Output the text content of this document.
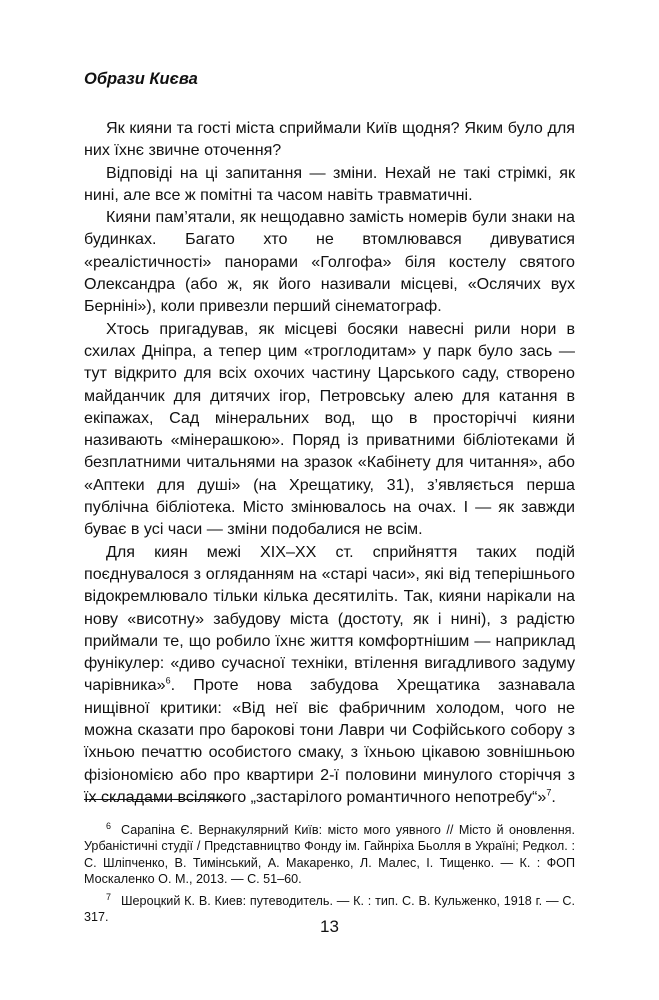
Образи Києва

Як кияни та гості міста сприймали Київ щодня? Яким було для них їхнє звичне оточення?

Відповіді на ці запитання — зміни. Нехай не такі стрімкі, як нині, але все ж помітні та часом навіть травматичні.

Кияни пам’ятали, як нещодавно замість номерів були знаки на будинках. Багато хто не втомлювався дивуватися «реалістичності» панорами «Голгофа» біля костелу святого Олександра (або ж, як його називали місцеві, «Ослячих вух Берніні»), коли привезли перший сінематограф.

Хтось пригадував, як місцеві босяки навесні рили нори в схилах Дніпра, а тепер цим «троглодитам» у парк було зась — тут відкрито для всіх охочих частину Царського саду, створено майданчик для дитячих ігор, Петровську алею для катання в екіпажах, Сад мінеральних вод, що в просторіччі кияни називають «мінерашкою». Поряд із приватними бібліотеками й безплатними читальнями на зразок «Кабінету для читання», або «Аптеки для душі» (на Хрещатику, 31), з’являється перша публічна бібліотека. Місто змінювалось на очах. І — як завжди буває в усі часи — зміни подобалися не всім.

Для киян межі ХІХ–ХХ ст. сприйняття таких подій поєднувалося з огляданням на «старі часи», які від теперішнього відокремлювало тільки кілька десятиліть. Так, кияни нарікали на нову «висотну» забудову міста (достоту, як і нині), з радістю приймали те, що робило їхнє життя комфортнішим — наприклад фунікулер: «диво сучасної техніки, втілення вигадливого задуму чарівника»$^6$. Проте нова забудова Хрещатика зазнавала нищівної критики: «Від неї віє фабричним холодом, чого не можна сказати про барокові тони Лаври чи Софійського собору з їхньою печаттю особистого смаку, з їхньою цікавою зовнішньою фізіономією або про квартири 2-ї половини минулого сторіччя з їх складами всілякого „застарілого романтичного непотребу“»$^7$.

$^6$ Сарапіна Є. Вернакулярний Київ: місто мого уявного // Місто й оновлення. Урбаністичні студії / Представництво Фонду ім. Гайнріха Бьолля в Україні; Редкол. : С. Шліпченко, В. Тимінський, А. Макаренко, Л. Малес, І. Тищенко. — К. : ФОП Москаленко О. М., 2013. — С. 51–60.

$^7$ Шероцкий К. В. Киев: путеводитель. — К. : тип. С. В. Кульженко, 1918 г. — С. 317.	13
